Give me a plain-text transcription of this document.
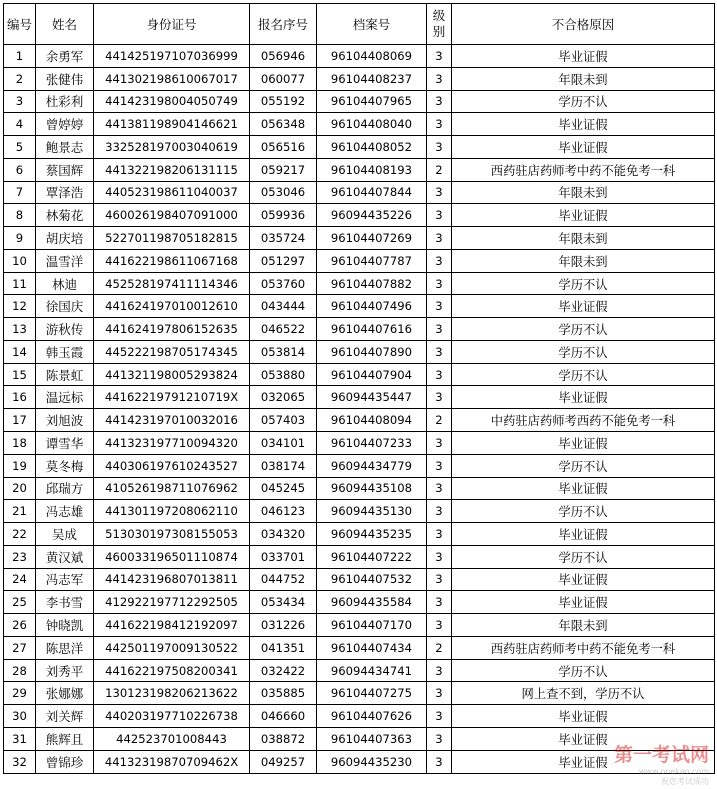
编号	姓名	身份证号	报名序号	档案号	级别	不合格原因
1	余勇军	441425197107036999	056946	96104408069	3	毕业证假
2	张健伟	441302198610067017	060077	96104408237	3	年限未到
3	杜彩利	441423198004050749	055192	96104407965	3	学历不认
4	曾婷婷	441381198904146621	056348	96104408040	3	毕业证假
5	鲍景志	332528197003040619	056516	96104408052	3	毕业证假
6	蔡国辉	441322198206131115	059217	96104408193	2	西药驻店药师考中药不能免考一科
7	覃泽浩	440523198611040037	053046	96104407844	3	年限未到
8	林菊花	460026198407091000	059936	96094435226	3	毕业证假
9	胡庆培	522701198705182815	035724	96104407269	3	年限未到
10	温雪洋	441622198611067168	051297	96104407787	3	年限未到
11	林迪	452528197411114346	053760	96104407882	3	学历不认
12	徐国庆	441624197010012610	043444	96104407496	3	毕业证假
13	游秋传	441624197806152635	046522	96104407616	3	学历不认
14	韩玉霞	445222198705174345	053814	96104407890	3	学历不认
15	陈景虹	441321198005293824	053880	96104407904	3	学历不认
16	温远标	44162219791210719X	032065	96094435447	3	毕业证假
17	刘旭波	441423197010032016	057403	96104408094	2	中药驻店药师考西药不能免考一科
18	谭雪华	441323197710094320	034101	96104407233	3	毕业证假
19	莫冬梅	440306197610243527	038174	96094434779	3	学历不认
20	邱瑞方	410526198711076962	045245	96094435108	3	毕业证假
21	冯志雄	441301197208062110	046123	96094435130	3	学历不认
22	吴成	513030197308155053	034320	96094435235	3	毕业证假
23	黄汉斌	460033196501110874	033701	96104407222	3	学历不认
24	冯志军	441423196807013811	044752	96104407532	3	毕业证假
25	李书雪	412922197712292505	053434	96094435584	3	毕业证假
26	钟晓凯	441622198412192097	031226	96104407170	3	年限未到
27	陈思洋	442501197009130522	041351	96104407434	2	西药驻店药师考中药不能免考一科
28	刘秀平	441622197508200341	032422	96094434741	3	学历不认
29	张娜娜	130123198206213622	035885	96104407275	3	网上查不到，学历不认
30	刘关辉	440203197710226738	046660	96104407626	3	毕业证假
31	熊辉且	442523701008443	038872	96104407363	3	毕业证假
32	曾锦珍	44132319870709462X	049257	96094435230	3	毕业证假 第一考试网
www.onekao.com
祝您考试成功
